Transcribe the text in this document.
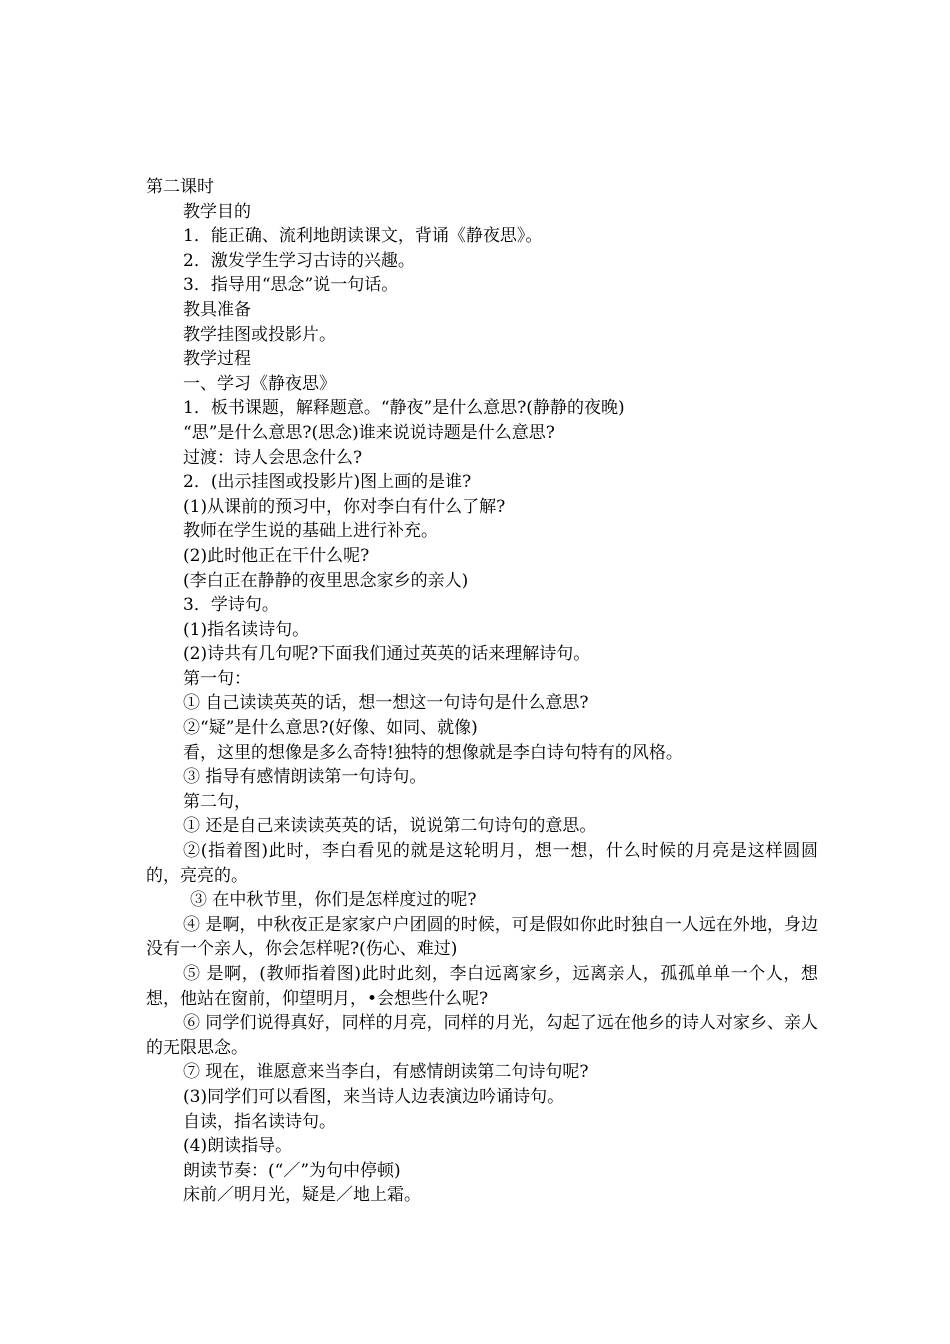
第二课时

教学目的

1．能正确、流利地朗读课文，背诵《静夜思》。

2．激发学生学习古诗的兴趣。

3．指导用“思念”说一句话。

教具准备

教学挂图或投影片。

教学过程

一、学习《静夜思》

1．板书课题，解释题意。“静夜”是什么意思?(静静的夜晚)

“思”是什么意思?(思念)谁来说说诗题是什么意思?

过渡：诗人会思念什么?

2．(出示挂图或投影片)图上画的是谁?

(1)从课前的预习中，你对李白有什么了解?

教师在学生说的基础上进行补充。

(2)此时他正在干什么呢?

(李白正在静静的夜里思念家乡的亲人)

3．学诗句。

(1)指名读诗句。

(2)诗共有几句呢?下面我们通过英英的话来理解诗句。

第一句：

① 自己读读英英的话，想一想这一句诗句是什么意思?

②“疑”是什么意思?(好像、如同、就像)

看，这里的想像是多么奇特!独特的想像就是李白诗句特有的风格。

③ 指导有感情朗读第一句诗句。

第二句，

① 还是自己来读读英英的话，说说第二句诗句的意思。

②(指着图)此时，李白看见的就是这轮明月，想一想，什么时候的月亮是这样圆圆的，亮亮的。

③ 在中秋节里，你们是怎样度过的呢?

④ 是啊，中秋夜正是家家户户团圆的时候，可是假如你此时独自一人远在外地，身边没有一个亲人，你会怎样呢?(伤心、难过)

⑤ 是啊，(教师指着图)此时此刻，李白远离家乡，远离亲人，孤孤单单一个人，想想，他站在窗前，仰望明月，•会想些什么呢?

⑥ 同学们说得真好，同样的月亮，同样的月光，勾起了远在他乡的诗人对家乡、亲人的无限思念。

⑦ 现在，谁愿意来当李白，有感情朗读第二句诗句呢?

(3)同学们可以看图，来当诗人边表演边吟诵诗句。

自读，指名读诗句。

(4)朗读指导。

朗读节奏：(“／”为句中停顿)

床前／明月光，疑是／地上霜。
